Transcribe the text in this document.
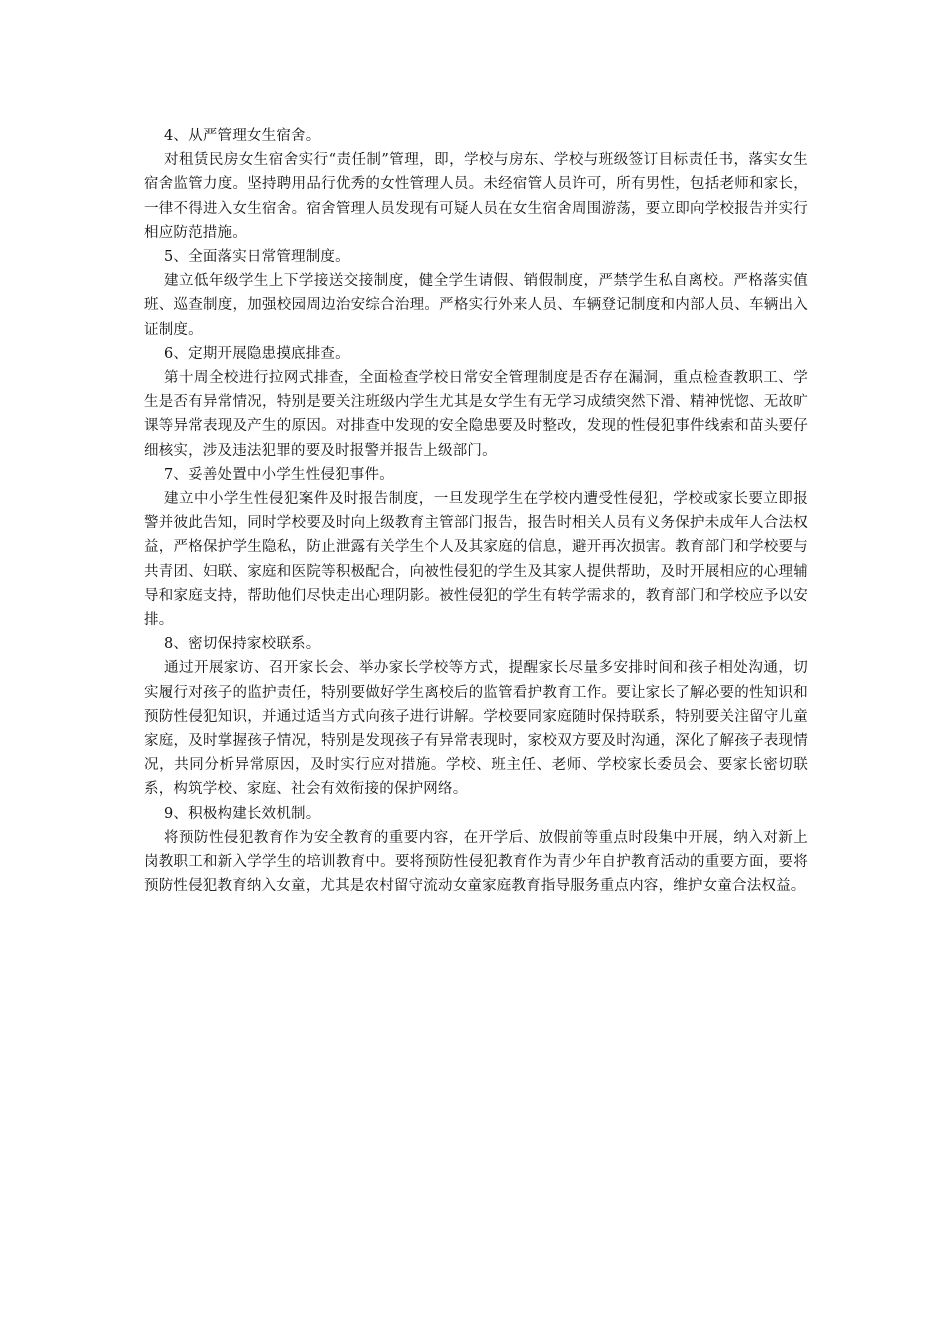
4、从严管理女生宿舍。

对租赁民房女生宿舍实行“责任制”管理，即，学校与房东、学校与班级签订目标责任书，落实女生宿舍监管力度。坚持聘用品行优秀的女性管理人员。未经宿管人员许可，所有男性，包括老师和家长，一律不得进入女生宿舍。宿舍管理人员发现有可疑人员在女生宿舍周围游荡，要立即向学校报告并实行相应防范措施。

5、全面落实日常管理制度。

建立低年级学生上下学接送交接制度，健全学生请假、销假制度，严禁学生私自离校。严格落实值班、巡查制度，加强校园周边治安综合治理。严格实行外来人员、车辆登记制度和内部人员、车辆出入证制度。

6、定期开展隐患摸底排查。

第十周全校进行拉网式排查，全面检查学校日常安全管理制度是否存在漏洞，重点检查教职工、学生是否有异常情况，特别是要关注班级内学生尤其是女学生有无学习成绩突然下滑、精神恍惚、无故旷课等异常表现及产生的原因。对排查中发现的安全隐患要及时整改，发现的性侵犯事件线索和苗头要仔细核实，涉及违法犯罪的要及时报警并报告上级部门。

7、妥善处置中小学生性侵犯事件。

建立中小学生性侵犯案件及时报告制度，一旦发现学生在学校内遭受性侵犯，学校或家长要立即报警并彼此告知，同时学校要及时向上级教育主管部门报告，报告时相关人员有义务保护未成年人合法权益，严格保护学生隐私，防止泄露有关学生个人及其家庭的信息，避开再次损害。教育部门和学校要与共青团、妇联、家庭和医院等积极配合，向被性侵犯的学生及其家人提供帮助，及时开展相应的心理辅导和家庭支持，帮助他们尽快走出心理阴影。被性侵犯的学生有转学需求的，教育部门和学校应予以安排。

8、密切保持家校联系。

通过开展家访、召开家长会、举办家长学校等方式，提醒家长尽量多安排时间和孩子相处沟通，切实履行对孩子的监护责任，特别要做好学生离校后的监管看护教育工作。要让家长了解必要的性知识和预防性侵犯知识，并通过适当方式向孩子进行讲解。学校要同家庭随时保持联系，特别要关注留守儿童家庭，及时掌握孩子情况，特别是发现孩子有异常表现时，家校双方要及时沟通，深化了解孩子表现情况，共同分析异常原因，及时实行应对措施。学校、班主任、老师、学校家长委员会、要家长密切联系，构筑学校、家庭、社会有效衔接的保护网络。

9、积极构建长效机制。

将预防性侵犯教育作为安全教育的重要内容，在开学后、放假前等重点时段集中开展，纳入对新上岗教职工和新入学学生的培训教育中。要将预防性侵犯教育作为青少年自护教育活动的重要方面，要将预防性侵犯教育纳入女童，尤其是农村留守流动女童家庭教育指导服务重点内容，维护女童合法权益。
